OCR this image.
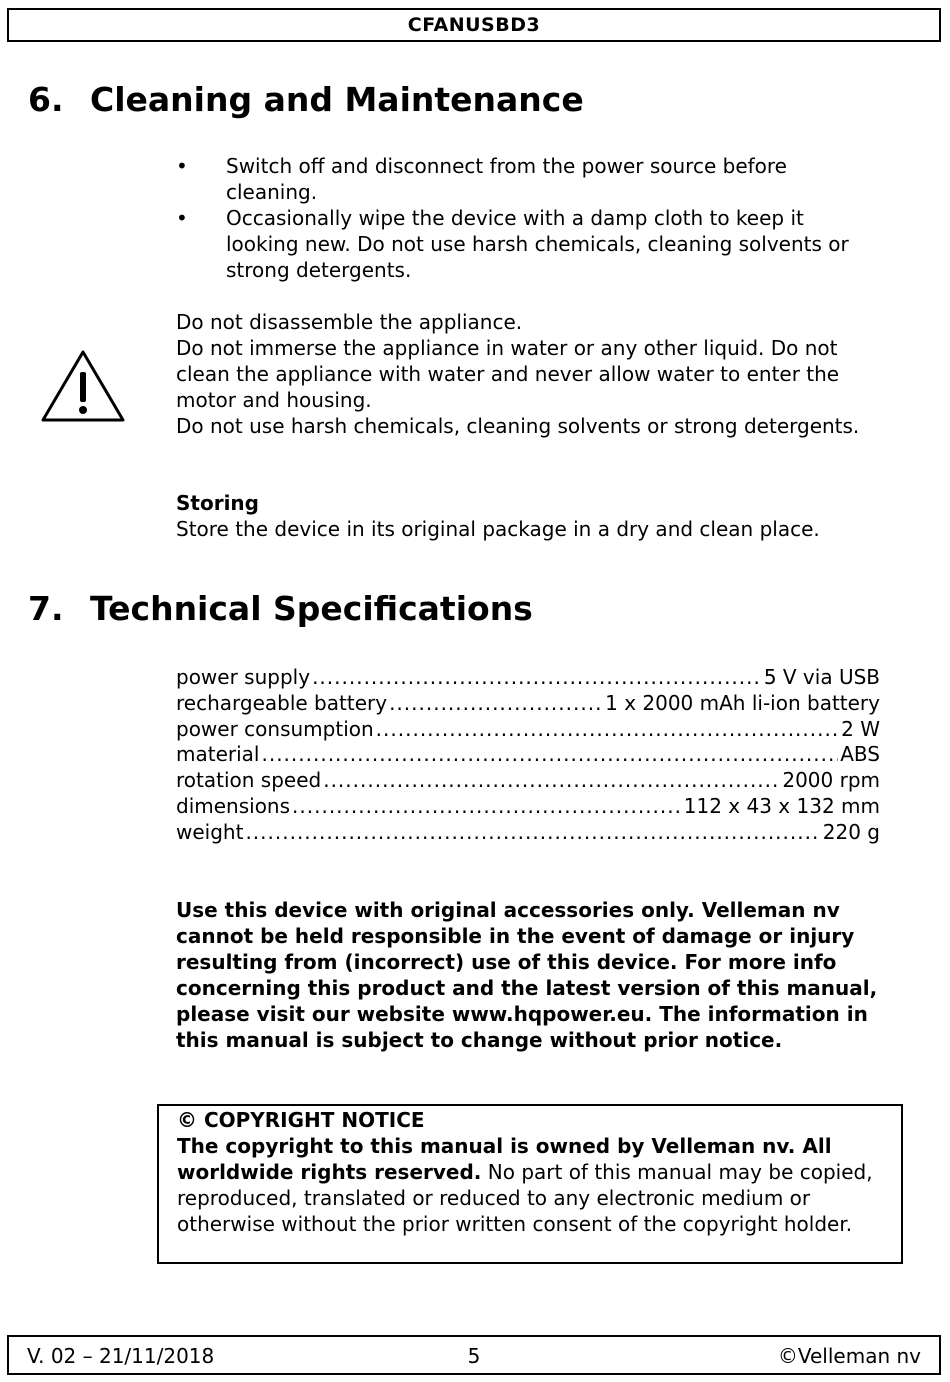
CFANUSBD3
6. Cleaning and Maintenance
• Switch off and disconnect from the power source before cleaning.
• Occasionally wipe the device with a damp cloth to keep it looking new. Do not use harsh chemicals, cleaning solvents or strong detergents.
Do not disassemble the appliance.
Do not immerse the appliance in water or any other liquid. Do not clean the appliance with water and never allow water to enter the motor and housing.
Do not use harsh chemicals, cleaning solvents or strong detergents.
Storing
Store the device in its original package in a dry and clean place.
7. Technical Specifications
power supply .....	5 V via USB
rechargeable battery .....	1 x 2000 mAh li-ion battery
power consumption .....	2 W
material .....	ABS
rotation speed .....	2000 rpm
dimensions .....	112 x 43 x 132 mm
weight .....	220 g

Use this device with original accessories only. Velleman nv cannot be held responsible in the event of damage or injury resulting from (incorrect) use of this device. For more info concerning this product and the latest version of this manual, please visit our website www.hqpower.eu. The information in this manual is subject to change without prior notice.

© COPYRIGHT NOTICE
The copyright to this manual is owned by Velleman nv. All worldwide rights reserved. No part of this manual may be copied, reproduced, translated or reduced to any electronic medium or otherwise without the prior written consent of the copyright holder.
V. 02 – 21/11/2018	5	©Velleman nv
